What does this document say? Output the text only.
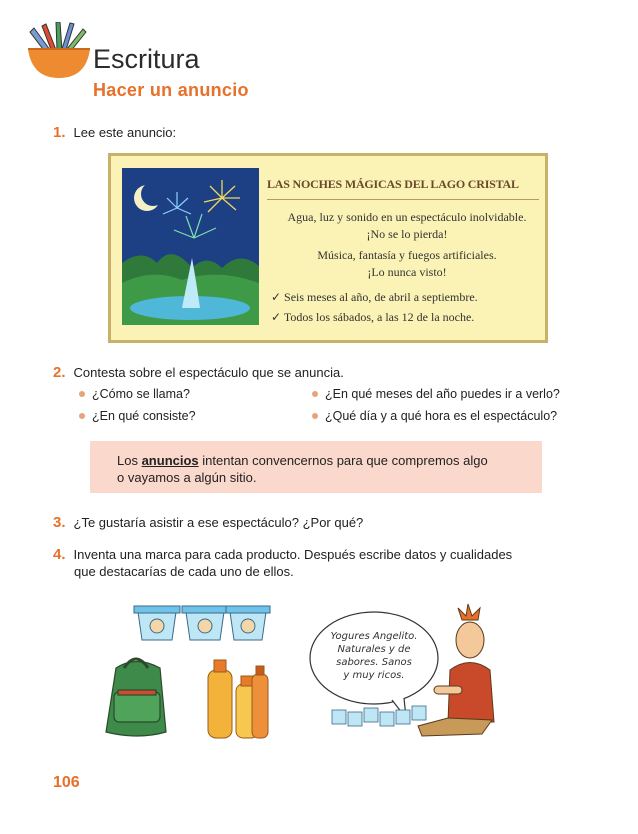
Escritura
Hacer un anuncio
1. Lee este anuncio:
LAS NOCHES MÁGICAS DEL LAGO CRISTAL
Agua, luz y sonido en un espectáculo inolvidable.
¡No se lo pierda!
Música, fantasía y fuegos artificiales.
¡Lo nunca visto!
✓ Seis meses al año, de abril a septiembre.
✓ Todos los sábados, a las 12 de la noche.
2. Contesta sobre el espectáculo que se anuncia.
¿Cómo se llama?
¿En qué consiste?
¿En qué meses del año puedes ir a verlo?
¿Qué día y a qué hora es el espectáculo?

Los anuncios intentan convencernos para que compremos algo

o vayamos a algún sitio.

3. ¿Te gustaría asistir a ese espectáculo? ¿Por qué?
4. Inventa una marca para cada producto. Después escribe datos y cualidades
que destacarías de cada uno de ellos.
Yogures Angelito.
Naturales y de
sabores. Sanos
y muy ricos.
106
